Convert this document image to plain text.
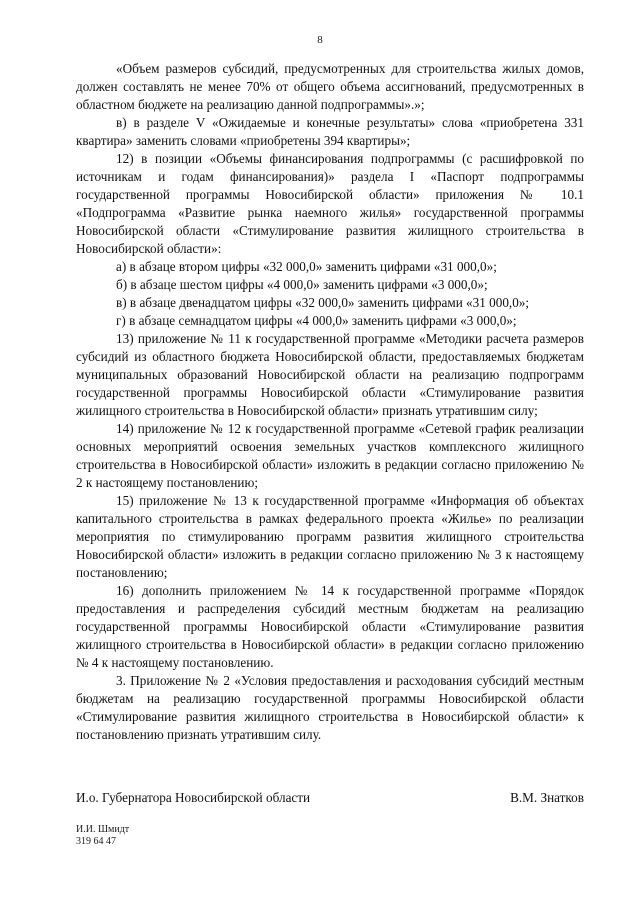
8

«Объем размеров субсидий, предусмотренных для строительства жилых домов, должен составлять не менее 70% от общего объема ассигнований, предусмотренных в областном бюджете на реализацию данной подпрограммы».»;

в) в разделе V «Ожидаемые и конечные результаты» слова «приобретена 331 квартира» заменить словами «приобретены 394 квартиры»;

12) в позиции «Объемы финансирования подпрограммы (с расшифровкой по источникам и годам финансирования)» раздела I «Паспорт подпрограммы государственной программы Новосибирской области» приложения № 10.1 «Подпрограмма «Развитие рынка наемного жилья» государственной программы Новосибирской области «Стимулирование развития жилищного строительства в Новосибирской области»:

а) в абзаце втором цифры «32 000,0» заменить цифрами «31 000,0»;

б) в абзаце шестом цифры «4 000,0» заменить цифрами «3 000,0»;

в) в абзаце двенадцатом цифры «32 000,0» заменить цифрами «31 000,0»;

г) в абзаце семнадцатом цифры «4 000,0» заменить цифрами «3 000,0»;

13) приложение № 11 к государственной программе «Методики расчета размеров субсидий из областного бюджета Новосибирской области, предоставляемых бюджетам муниципальных образований Новосибирской области на реализацию подпрограмм государственной программы Новосибирской области «Стимулирование развития жилищного строительства в Новосибирской области» признать утратившим силу;

14) приложение № 12 к государственной программе «Сетевой график реализации основных мероприятий освоения земельных участков комплексного жилищного строительства в Новосибирской области» изложить в редакции согласно приложению № 2 к настоящему постановлению;

15) приложение № 13 к государственной программе «Информация об объектах капитального строительства в рамках федерального проекта «Жилье» по реализации мероприятия по стимулированию программ развития жилищного строительства Новосибирской области» изложить в редакции согласно приложению № 3 к настоящему постановлению;

16) дополнить приложением № 14 к государственной программе «Порядок предоставления и распределения субсидий местным бюджетам на реализацию государственной программы Новосибирской области «Стимулирование развития жилищного строительства в Новосибирской области» в редакции согласно приложению № 4 к настоящему постановлению.

3. Приложение № 2 «Условия предоставления и расходования субсидий местным бюджетам на реализацию государственной программы Новосибирской области «Стимулирование развития жилищного строительства в Новосибирской области» к постановлению признать утратившим силу.

И.о. Губернатора Новосибирской области	В.М. Знатков
И.И. Шмидт
319 64 47
